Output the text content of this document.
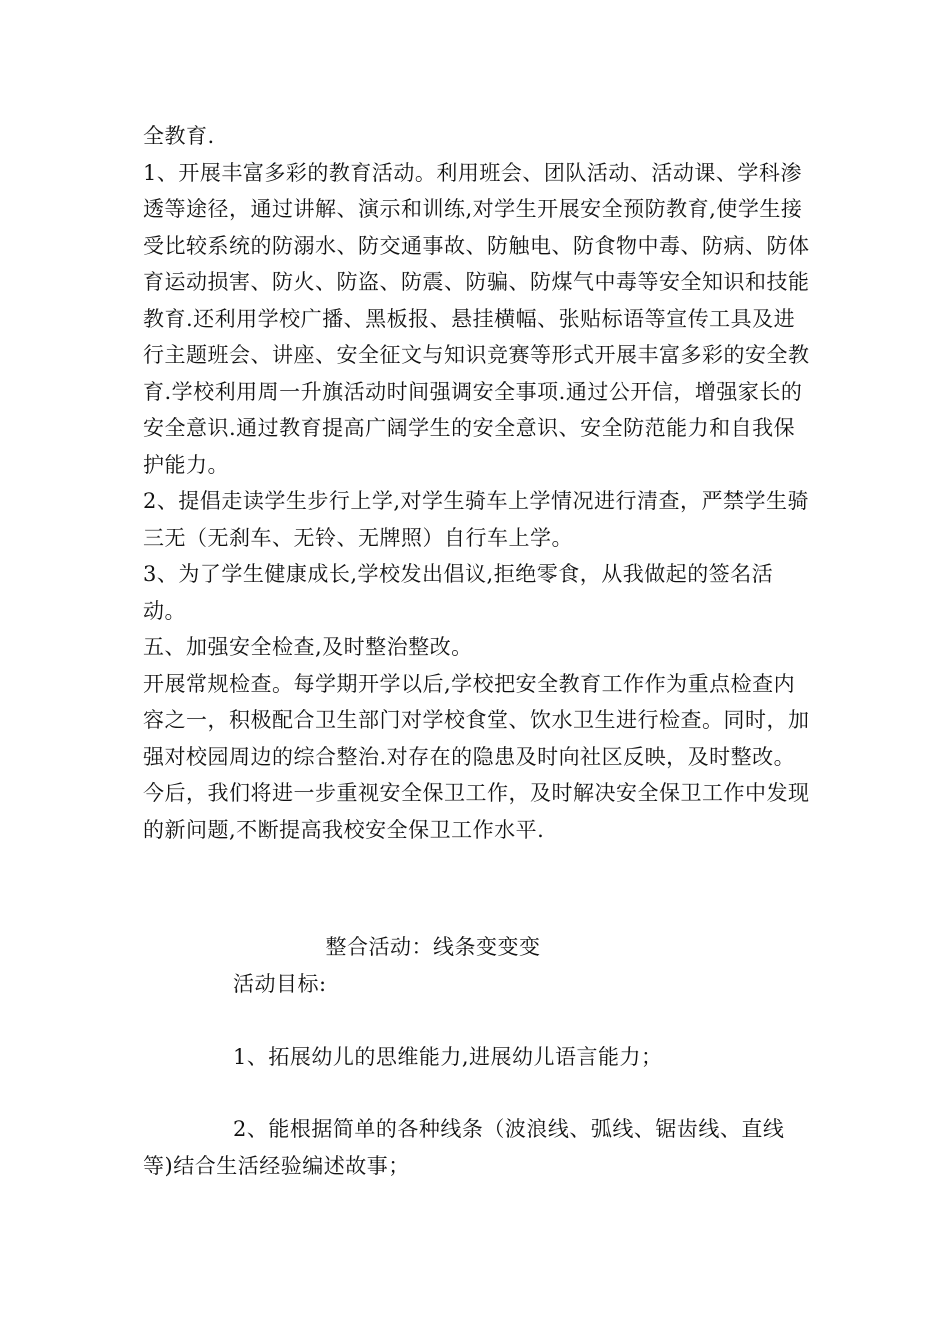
全教育.

1、开展丰富多彩的教育活动。利用班会、团队活动、活动课、学科渗透等途径，通过讲解、演示和训练,对学生开展安全预防教育,使学生接受比较系统的防溺水、防交通事故、防触电、防食物中毒、防病、防体育运动损害、防火、防盗、防震、防骗、防煤气中毒等安全知识和技能教育.还利用学校广播、黑板报、悬挂横幅、张贴标语等宣传工具及进行主题班会、讲座、安全征文与知识竞赛等形式开展丰富多彩的安全教育.学校利用周一升旗活动时间强调安全事项.通过公开信，增强家长的安全意识.通过教育提高广阔学生的安全意识、安全防范能力和自我保护能力。

2、提倡走读学生步行上学,对学生骑车上学情况进行清查，严禁学生骑三无（无刹车、无铃、无牌照）自行车上学。

3、为了学生健康成长,学校发出倡议,拒绝零食，从我做起的签名活动。

五、加强安全检查,及时整治整改。

开展常规检查。每学期开学以后,学校把安全教育工作作为重点检查内容之一，积极配合卫生部门对学校食堂、饮水卫生进行检查。同时，加强对校园周边的综合整治.对存在的隐患及时向社区反映，及时整改。

今后，我们将进一步重视安全保卫工作，及时解决安全保卫工作中发现的新问题,不断提高我校安全保卫工作水平.

整合活动：线条变变变

活动目标:

1、拓展幼儿的思维能力,进展幼儿语言能力；

2、能根据简单的各种线条（波浪线、弧线、锯齿线、直线等)结合生活经验编述故事；
